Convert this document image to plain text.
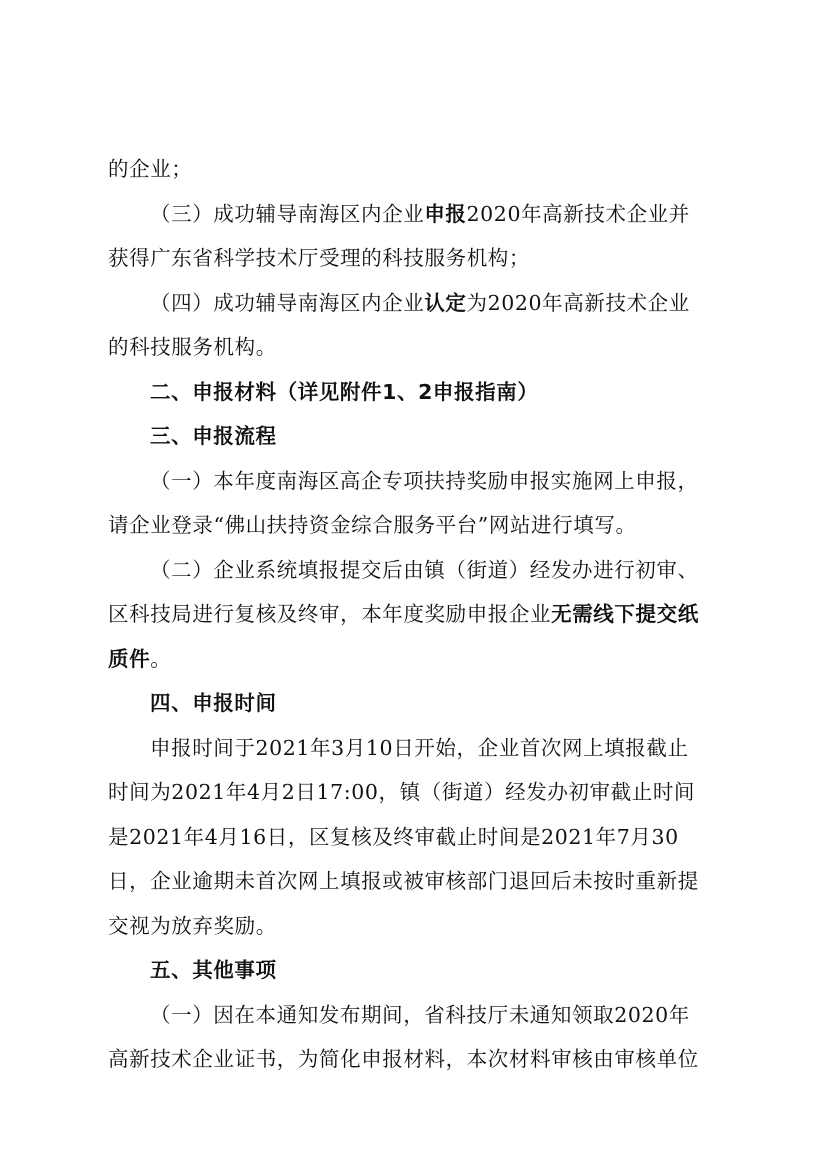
的企业；
（三）成功辅导南海区内企业申报2020年高新技术企业并
获得广东省科学技术厅受理的科技服务机构；
（四）成功辅导南海区内企业认定为2020年高新技术企业
的科技服务机构。
二、申报材料（详见附件1、2申报指南）
三、申报流程
（一）本年度南海区高企专项扶持奖励申报实施网上申报，
请企业登录“佛山扶持资金综合服务平台”网站进行填写。
（二）企业系统填报提交后由镇（街道）经发办进行初审、
区科技局进行复核及终审，本年度奖励申报企业无需线下提交纸
质件。
四、申报时间
申报时间于2021年3月10日开始，企业首次网上填报截止
时间为2021年4月2日17:00，镇（街道）经发办初审截止时间
是2021年4月16日，区复核及终审截止时间是2021年7月30
日，企业逾期未首次网上填报或被审核部门退回后未按时重新提
交视为放弃奖励。
五、其他事项
（一）因在本通知发布期间，省科技厅未通知领取2020年
高新技术企业证书，为简化申报材料，本次材料审核由审核单位
